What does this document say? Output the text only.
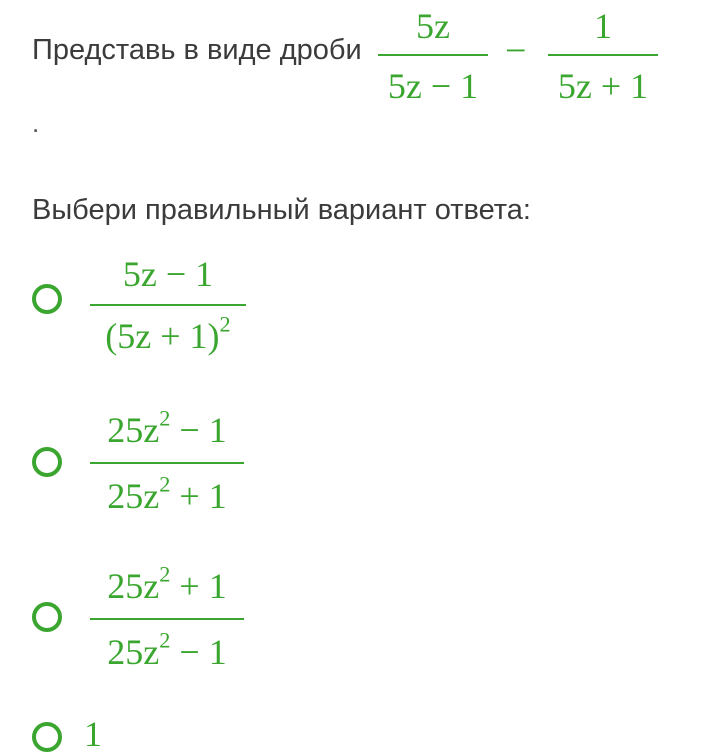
Представь в виде дроби
5z
5z − 1
−
1
5z + 1
.
Выбери правильный вариант ответа:
5z − 1
$(5z + 1)^2$
$25z^2 - 1$
$25z^2 + 1$
$25z^2 + 1$
$25z^2 - 1$
1
